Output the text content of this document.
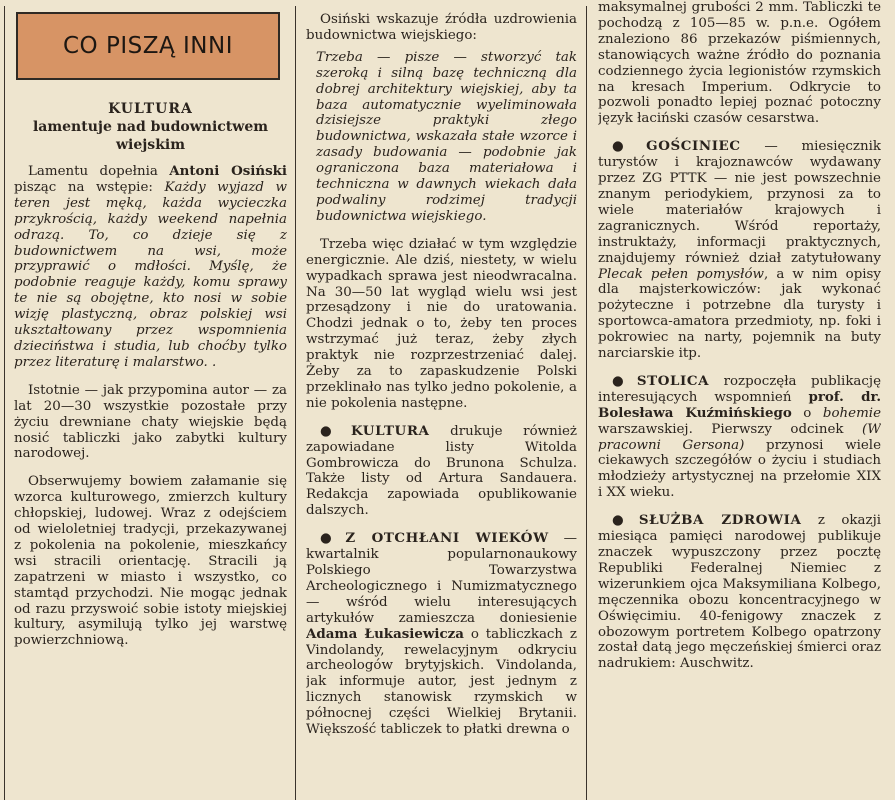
CO PISZĄ INNI
KULTURA
lamentuje nad budownictwem
wiejskim

Lamentu dopełnia Antoni Osiński pisząc na wstępie: Każdy wyjazd w teren jest męką, każda wycieczka przykrością, każdy weekend napełnia odrazą. To, co dzieje się z budownictwem na wsi, może przyprawić o mdłości. Myślę, że podobnie reaguje każdy, komu sprawy te nie są obojętne, kto nosi w sobie wizję plastyczną, obraz polskiej wsi ukształtowany przez wspomnienia dzieciństwa i studia, lub choćby tylko przez literaturę i malarstwo. .

Istotnie — jak przypomina autor — za lat 20—30 wszystkie pozostałe przy życiu drewniane chaty wiejskie będą nosić tabliczki jako zabytki kultury narodowej.

Obserwujemy bowiem załamanie się wzorca kulturowego, zmierzch kultury chłopskiej, ludowej. Wraz z odejściem od wieloletniej tradycji, przekazywanej z pokolenia na pokolenie, mieszkańcy wsi stracili orientację. Stracili ją zapatrzeni w miasto i wszystko, co stamtąd przychodzi. Nie mogąc jednak od razu przyswoić sobie istoty miejskiej kultury, asymilują tylko jej warstwę powierzchniową.

Osiński wskazuje źródła uzdrowienia budownictwa wiejskiego:

Trzeba — pisze — stworzyć tak szeroką i silną bazę techniczną dla dobrej architektury wiejskiej, aby ta baza automatycznie wyeliminowała dzisiejsze praktyki złego budownictwa, wskazała stałe wzorce i zasady budowania — podobnie jak ograniczona baza materiałowa i techniczna w dawnych wiekach dała podwaliny rodzimej tradycji budownictwa wiejskiego.

Trzeba więc działać w tym względzie energicznie. Ale dziś, niestety, w wielu wypadkach sprawa jest nieodwracalna. Na 30—50 lat wygląd wielu wsi jest przesądzony i nie do uratowania. Chodzi jednak o to, żeby ten proces wstrzymać już teraz, żeby złych praktyk nie rozprzestrzeniać dalej. Żeby za to zapaskudzenie Polski przeklinało nas tylko jedno pokolenie, a nie pokolenia następne.

● KULTURA drukuje również zapowiadane listy Witolda Gombrowicza do Brunona Schulza. Także listy od Artura Sandauera. Redakcja zapowiada opublikowanie dalszych.

● Z OTCHŁANI WIEKÓW — kwartalnik popularnonaukowy Polskiego Towarzystwa Archeologicznego i Numizmatycznego — wśród wielu interesujących artykułów zamieszcza doniesienie Adama Łukasiewicza o tabliczkach z Vindolandy, rewelacyjnym odkryciu archeologów brytyjskich. Vindolanda, jak informuje autor, jest jednym z licznych stanowisk rzymskich w północnej części Wielkiej Brytanii. Większość tabliczek to płatki drewna o

maksymalnej grubości 2 mm. Tabliczki te pochodzą z 105—85 w. p.n.e. Ogółem znaleziono 86 przekazów piśmiennych, stanowiących ważne źródło do poznania codziennego życia legionistów rzymskich na kresach Imperium. Odkrycie to pozwoli ponadto lepiej poznać potoczny język łaciński czasów cesarstwa.

● GOŚCINIEC — miesięcznik turystów i krajoznawców wydawany przez ZG PTTK — nie jest powszechnie znanym periodykiem, przynosi za to wiele materiałów krajowych i zagranicznych. Wśród reportaży, instruktaży, informacji praktycznych, znajdujemy również dział zatytułowany Plecak pełen pomysłów, a w nim opisy dla majsterkowiczów: jak wykonać pożyteczne i potrzebne dla turysty i sportowca-amatora przedmioty, np. foki i pokrowiec na narty, pojemnik na buty narciarskie itp.

● STOLICA rozpoczęła publikację interesujących wspomnień prof. dr. Bolesława Kuźmińskiego o bohemie warszawskiej. Pierwszy odcinek (W pracowni Gersona) przynosi wiele ciekawych szczegółów o życiu i studiach młodzieży artystycznej na przełomie XIX i XX wieku.

● SŁUŻBA ZDROWIA z okazji miesiąca pamięci narodowej publikuje znaczek wypuszczony przez pocztę Republiki Federalnej Niemiec z wizerunkiem ojca Maksymiliana Kolbego, męczennika obozu koncentracyjnego w Oświęcimiu. 40-fenigowy znaczek z obozowym portretem Kolbego opatrzony został datą jego męczeńskiej śmierci oraz nadrukiem: Auschwitz.
